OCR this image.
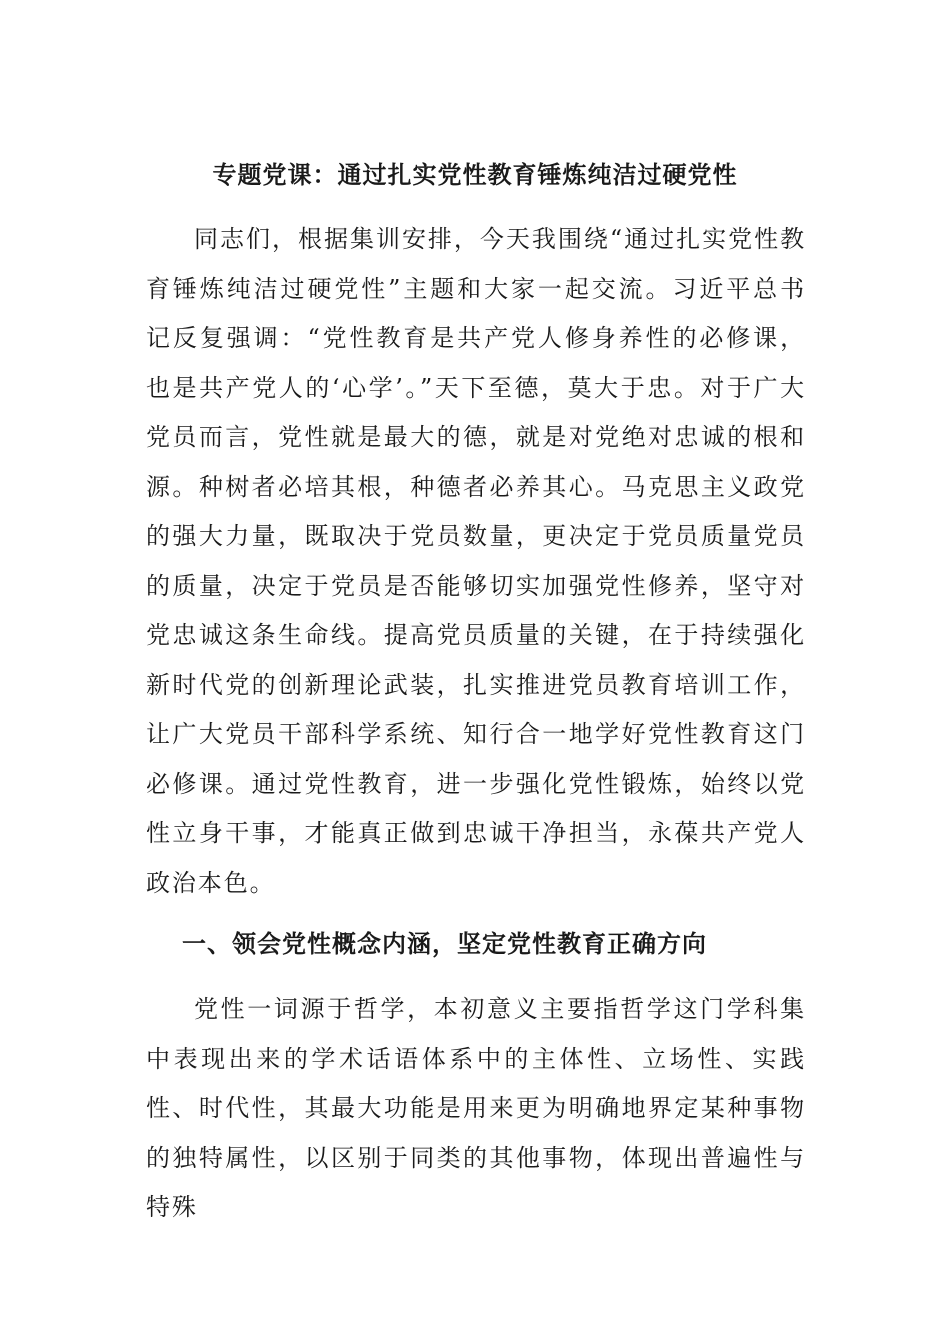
专题党课：通过扎实党性教育锤炼纯洁过硬党性

同志们，根据集训安排，今天我围绕“通过扎实党性教育锤炼纯洁过硬党性”主题和大家一起交流。习近平总书记反复强调：“党性教育是共产党人修身养性的必修课，也是共产党人的‘心学’。”天下至德，莫大于忠。对于广大党员而言，党性就是最大的德，就是对党绝对忠诚的根和源。种树者必培其根，种德者必养其心。马克思主义政党的强大力量，既取决于党员数量，更决定于党员质量党员的质量，决定于党员是否能够切实加强党性修养，坚守对党忠诚这条生命线。提高党员质量的关键，在于持续强化新时代党的创新理论武装，扎实推进党员教育培训工作，让广大党员干部科学系统、知行合一地学好党性教育这门必修课。通过党性教育，进一步强化党性锻炼，始终以党性立身干事，才能真正做到忠诚干净担当，永葆共产党人政治本色。

一、领会党性概念内涵，坚定党性教育正确方向

党性一词源于哲学，本初意义主要指哲学这门学科集中表现出来的学术话语体系中的主体性、立场性、实践性、时代性，其最大功能是用来更为明确地界定某种事物的独特属性，以区别于同类的其他事物，体现出普遍性与特殊
